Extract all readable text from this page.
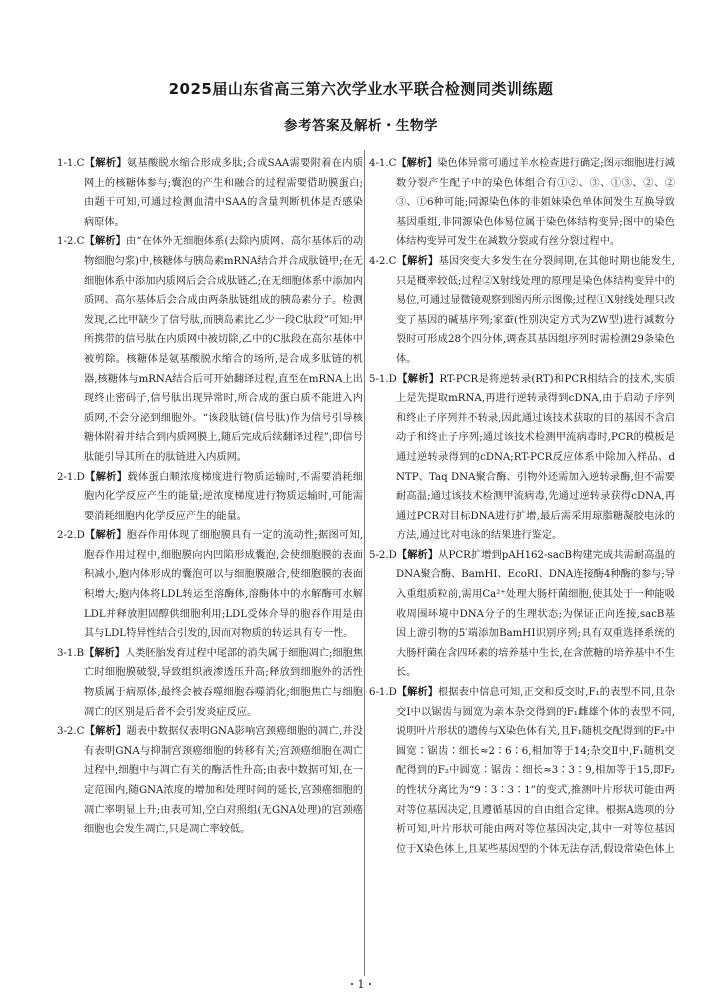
2025届山东省高三第六次学业水平联合检测同类训练题
参考答案及解析・生物学

1-1.C【解析】氨基酸脱水缩合形成多肽;合成SAA需要附着在内质网上的核糖体参与;囊泡的产生和融合的过程需要借助膜蛋白;由题干可知,可通过检测血清中SAA的含量判断机体是否感染病原体。

1-2.C【解析】由“在体外无细胞体系(去除内质网、高尔基体后的动物细胞匀浆)中,核糖体与胰岛素mRNA结合并合成肽链甲;在无细胞体系中添加内质网后会合成肽链乙;在无细胞体系中添加内质网、高尔基体后会合成由两条肽链组成的胰岛素分子。检测发现,乙比甲缺少了信号肽,而胰岛素比乙少一段C肽段”可知:甲所携带的信号肽在内质网中被切除,乙中的C肽段在高尔基体中被剪除。核糖体是氨基酸脱水缩合的场所,是合成多肽链的机器,核糖体与mRNA结合后可开始翻译过程,直至在mRNA上出现终止密码子,信号肽出现异常时,所合成的蛋白质不能进入内质网,不会分泌到细胞外。“该段肽链(信号肽)作为信号引导核糖体附着并结合到内质网膜上,随后完成后续翻译过程”,即信号肽能引导其所在的肽链进入内质网。

2-1.D【解析】载体蛋白顺浓度梯度进行物质运输时,不需要消耗细胞内化学反应产生的能量;逆浓度梯度进行物质运输时,可能需要消耗细胞内化学反应产生的能量。

2-2.D【解析】胞吞作用体现了细胞膜具有一定的流动性;据图可知,胞吞作用过程中,细胞膜向内凹陷形成囊泡,会使细胞膜的表面积减小,胞内体形成的囊泡可以与细胞膜融合,使细胞膜的表面积增大;胞内体将LDL转运至溶酶体,溶酶体中的水解酶可水解LDL并释放胆固醇供细胞利用;LDL受体介导的胞吞作用是由其与LDL特异性结合引发的,因而对物质的转运具有专一性。

3-1.B【解析】人类胚胎发育过程中尾部的消失属于细胞凋亡;细胞焦亡时细胞膜破裂,导致组织液渗透压升高;释放到细胞外的活性物质属于病原体,最终会被吞噬细胞吞噬消化;细胞焦亡与细胞凋亡的区别是后者不会引发炎症反应。

3-2.C【解析】题表中数据仅表明GNA影响宫颈癌细胞的凋亡,并没有表明GNA与抑制宫颈癌细胞的转移有关;宫颈癌细胞在凋亡过程中,细胞中与凋亡有关的酶活性升高;由表中数据可知,在一定范围内,随GNA浓度的增加和处理时间的延长,宫颈癌细胞的凋亡率明显上升;由表可知,空白对照组(无GNA处理)的宫颈癌细胞也会发生凋亡,只是凋亡率较低。

4-1.C【解析】染色体异常可通过羊水检查进行确定;图示细胞进行减数分裂产生配子中的染色体组合有①②、③、①③、②、②③、①6种可能;同源染色体的非姐妹染色单体间发生互换导致基因重组,非同源染色体易位属于染色体结构变异;图中的染色体结构变异可发生在减数分裂或有丝分裂过程中。

4-2.C【解析】基因突变大多发生在分裂间期,在其他时期也能发生,只是概率较低;过程②X射线处理的原理是染色体结构变异中的易位,可通过显微镜观察到图丙所示图像;过程①X射线处理只改变了基因的碱基序列;家蚕(性别决定方式为ZW型)进行减数分裂时可形成28个四分体,调查其基因组序列时需检测29条染色体。

5-1.D【解析】RT-PCR是将逆转录(RT)和PCR相结合的技术,实质上是先提取mRNA,再进行逆转录得到cDNA,由于启动子序列和终止子序列并不转录,因此通过该技术获取的目的基因不含启动子和终止子序列;通过该技术检测甲流病毒时,PCR的模板是通过逆转录得到的cDNA;RT-PCR反应体系中除加入样品、dNTP、Taq DNA聚合酶、引物外还需加入逆转录酶,但不需要耐高温;通过该技术检测甲流病毒,先通过逆转录获得cDNA,再通过PCR对目标DNA进行扩增,最后需采用琼脂糖凝胶电泳的方法,通过比对电泳的结果进行鉴定。

5-2.D【解析】从PCR扩增到pAH162-sacB构建完成共需耐高温的DNA聚合酶、BamHⅠ、EcoRⅠ、DNA连接酶4种酶的参与;导入重组质粒前,需用Ca²⁺处理大肠杆菌细胞,使其处于一种能吸收周围环境中DNA分子的生理状态;为保证正向连接,sacB基因上游引物的5′端添加BamHⅠ识别序列;具有双重选择系统的大肠杆菌在含四环素的培养基中生长,在含蔗糖的培养基中不生长。

6-1.D【解析】根据表中信息可知,正交和反交时,F₁的表型不同,且杂交Ⅰ中以锯齿与圆宽为亲本杂交得到的F₁雌雄个体的表型不同,说明叶片形状的遗传与X染色体有关,且F₁随机交配得到的F₂中圆宽∶锯齿∶细长≈2∶6∶6,相加等于14;杂交Ⅱ中,F₁随机交配得到的F₂中圆宽∶锯齿∶细长≈3∶3∶9,相加等于15,即F₂的性状分离比为“9∶3∶3∶1”的变式,推测叶片形状可能由两对等位基因决定,且遵循基因的自由组合定律。根据A选项的分析可知,叶片形状可能由两对等位基因决定,其中一对等位基因位于X染色体上,且某些基因型的个体无法存活,假设常染色体上

・1・
